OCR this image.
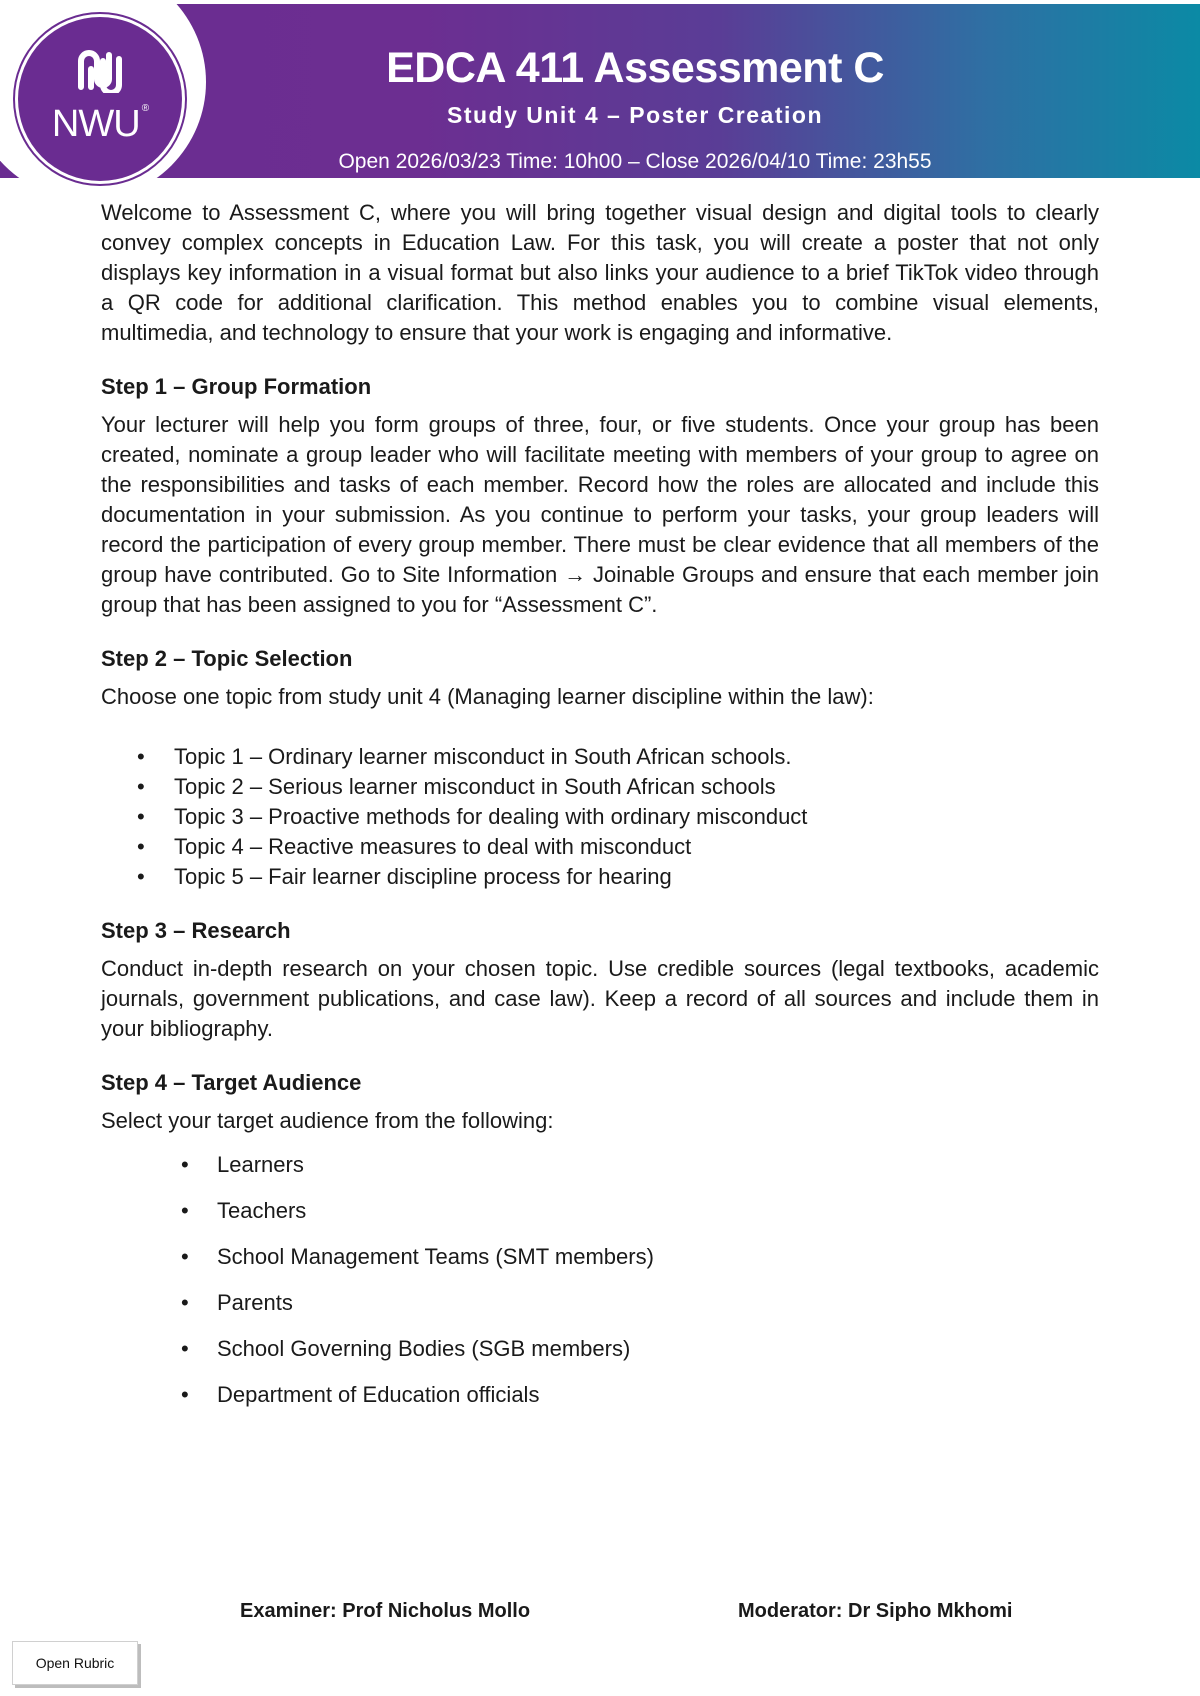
NWU ®
EDCA 411 Assessment C
Study Unit 4 – Poster Creation
Open 2026/03/23 Time: 10h00 – Close 2026/04/10 Time: 23h55

Welcome to Assessment C, where you will bring together visual design and digital tools to clearly convey complex concepts in Education Law. For this task, you will create a poster that not only displays key information in a visual format but also links your audience to a brief TikTok video through a QR code for additional clarification. This method enables you to combine visual elements, multimedia, and technology to ensure that your work is engaging and informative.

Step 1 – Group Formation

Your lecturer will help you form groups of three, four, or five students. Once your group has been created, nominate a group leader who will facilitate meeting with members of your group to agree on the responsibilities and tasks of each member. Record how the roles are allocated and include this documentation in your submission. As you continue to perform your tasks, your group leaders will record the participation of every group member. There must be clear evidence that all members of the group have contributed. Go to Site Information → Joinable Groups and ensure that each member join group that has been assigned to you for “Assessment C”.

Step 2 – Topic Selection

Choose one topic from study unit 4 (Managing learner discipline within the law):

• Topic 1 – Ordinary learner misconduct in South African schools.
• Topic 2 – Serious learner misconduct in South African schools
• Topic 3 – Proactive methods for dealing with ordinary misconduct
• Topic 4 – Reactive measures to deal with misconduct
• Topic 5 – Fair learner discipline process for hearing
Step 3 – Research

Conduct in-depth research on your chosen topic. Use credible sources (legal textbooks, academic journals, government publications, and case law). Keep a record of all sources and include them in your bibliography.

Step 4 – Target Audience

Select your target audience from the following:

• Learners
• Teachers
• School Management Teams (SMT members)
• Parents
• School Governing Bodies (SGB members)
• Department of Education officials
Examiner: Prof Nicholus Mollo	Moderator: Dr Sipho Mkhomi
Open Rubric
